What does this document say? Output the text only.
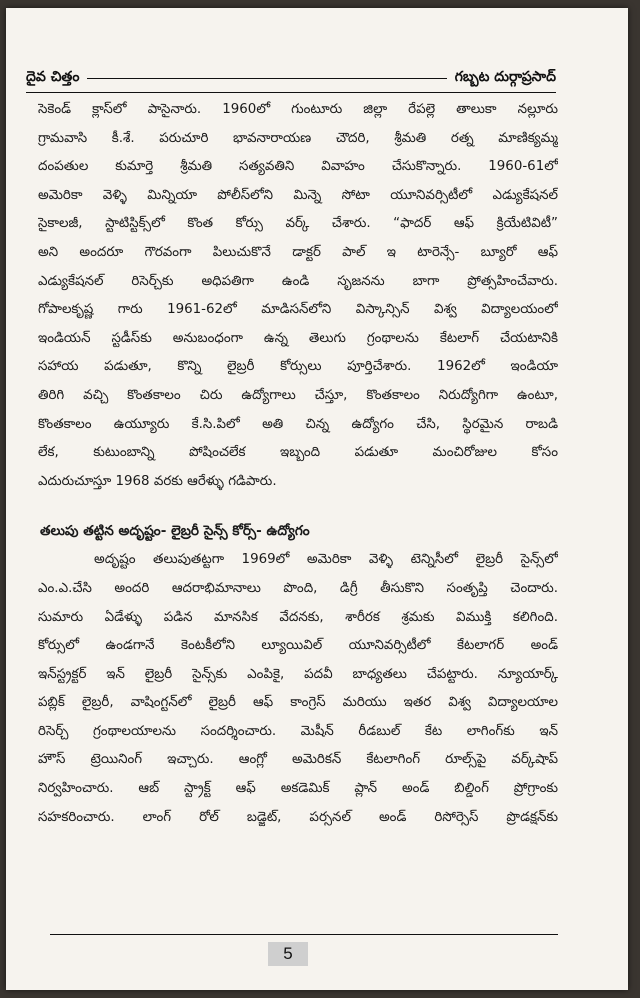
దైవ చిత్తం	గబ్బట దుర్గాప్రసాద్
సెకెండ్ క్లాస్‌లో పాసైనారు. 1960లో గుంటూరు జిల్లా రేపల్లె తాలుకా నల్లూరు
గ్రామవాసి కీ.శే. పరుచూరి భావనారాయణ చౌదరి, శ్రీమతి రత్న మాణిక్యమ్మ
దంపతుల కుమార్తె శ్రీమతి సత్యవతిని వివాహం చేసుకొన్నారు. 1960-61లో
అమెరికా వెళ్ళి మిన్నియా పోలీస్‌లోని మిన్నె సోటా యూనివర్సిటీలో ఎడ్యుకేషనల్
సైకాలజీ, స్టాటిస్టిక్స్‌లో కొంత కోర్సు వర్క్ చేశారు. “ఫాదర్ ఆఫ్ క్రియేటివిటీ”
అని అందరూ గౌరవంగా పిలుచుకొనే డాక్టర్ పాల్ ఇ టారెన్సే- బ్యూరో ఆఫ్
ఎడ్యుకేషనల్ రిసెర్చ్‌కు అధిపతిగా ఉండి సృజనను బాగా ప్రోత్సహించేవారు.
గోపాలకృష్ణ గారు 1961-62లో మాడిసన్‌లోని విస్కాన్సిన్ విశ్వ విద్యాలయంలో
ఇండియన్ స్టడీస్‌కు అనుబంధంగా ఉన్న తెలుగు గ్రంథాలను కేటలాగ్ చేయటానికి
సహాయ పడుతూ, కొన్ని లైబ్రరీ కోర్సులు పూర్తిచేశారు. 1962లో ఇండియా
తిరిగి వచ్చి కొంతకాలం చిరు ఉద్యోగాలు చేస్తూ, కొంతకాలం నిరుద్యోగిగా ఉంటూ,
కొంతకాలం ఉయ్యూరు కే.సి.పిలో అతి చిన్న ఉద్యోగం చేసి, స్థిరమైన రాబడి
లేక, కుటుంబాన్ని పోషించలేక ఇబ్బంది పడుతూ మంచిరోజుల కోసం
ఎదురుచూస్తూ 1968 వరకు ఆరేళ్ళు గడిపారు.
తలుపు తట్టిన అదృష్టం- లైబ్రరీ సైన్స్ కోర్స్- ఉద్యోగం
అదృష్టం తలుపుతట్టగా 1969లో అమెరికా వెళ్ళి టెన్నిసీలో లైబ్రరీ సైన్స్‌లో
ఎం.ఎ.చేసి అందరి ఆదరాభిమానాలు పొంది, డిగ్రీ తీసుకొని సంతృప్తి చెందారు.
సుమారు ఏడేళ్ళు పడిన మానసిక వేదనకు, శారీరక శ్రమకు విముక్తి కలిగింది.
కోర్సులో ఉండగానే కెంటకీలోని ల్యూయివిల్ యూనివర్సిటీలో కేటలాగర్ అండ్
ఇన్‌స్ట్రక్టర్ ఇన్ లైబ్రరీ సైన్స్‌కు ఎంపికై, పదవీ బాధ్యతలు చేపట్టారు. న్యూయార్క్
పబ్లిక్ లైబ్రరీ, వాషింగ్టన్‌లో లైబ్రరీ ఆఫ్ కాంగ్రెస్ మరియు ఇతర విశ్వ విద్యాలయాల
రిసెర్చ్ గ్రంథాలయాలను సందర్శించారు. మెషీన్ రీడబుల్ కేట లాగింగ్‌కు ఇన్
హౌస్ ట్రెయినింగ్ ఇచ్చారు. ఆంగ్లో అమెరికన్ కేటలాగింగ్ రూల్స్‌పై వర్క్‌షాప్
నిర్వహించారు. ఆబ్ స్ట్రాక్ట్ ఆఫ్ అకడెమిక్ ప్లాన్ అండ్ బిల్డింగ్ ప్రోగ్రాంకు
సహకరించారు. లాంగ్ రోల్ బడ్జెట్, పర్సనల్ అండ్ రిసోర్సెస్ ప్రొడక్షన్‌కు
5
